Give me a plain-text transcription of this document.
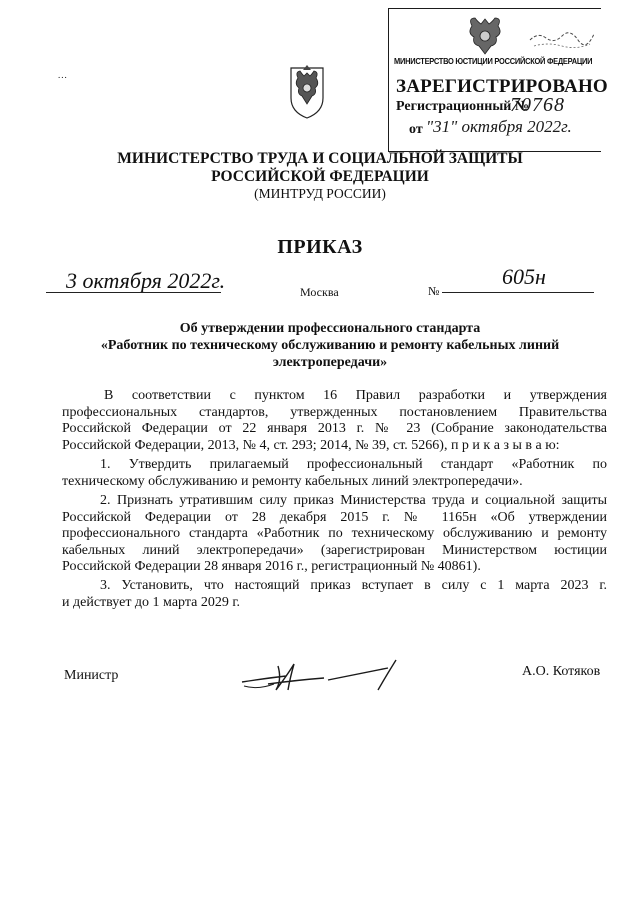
...
МИНИСТЕРСТВО ЮСТИЦИИ РОССИЙСКОЙ ФЕДЕРАЦИИ
ЗАРЕГИСТРИРОВАНО
Регистрационный №
70768
от "31" октября 2022г.
МИНИСТЕРСТВО ТРУДА И СОЦИАЛЬНОЙ ЗАЩИТЫ
РОССИЙСКОЙ ФЕДЕРАЦИИ
(МИНТРУД РОССИИ)
ПРИКАЗ
3 октября 2022г.	Москва	№
605н
Об утверждении профессионального стандарта
«Работник по техническому обслуживанию и ремонту кабельных линий
электропередачи»
В соответствии с пунктом 16 Правил разработки и утверждения
профессиональных стандартов, утвержденных постановлением Правительства
Российской Федерации от 22 января 2013 г. № 23 (Собрание законодательства
Российской Федерации, 2013, № 4, ст. 293; 2014, № 39, ст. 5266), п р и к а з ы в а ю:
1. Утвердить прилагаемый профессиональный стандарт «Работник по
техническому обслуживанию и ремонту кабельных линий электропередачи».
2. Признать утратившим силу приказ Министерства труда и социальной защиты
Российской Федерации от 28 декабря 2015 г. № 1165н «Об утверждении
профессионального стандарта «Работник по техническому обслуживанию и ремонту
кабельных линий электропередачи» (зарегистрирован Министерством юстиции
Российской Федерации 28 января 2016 г., регистрационный № 40861).
3. Установить, что настоящий приказ вступает в силу с 1 марта 2023 г.
и действует до 1 марта 2029 г.
Министр	А.О. Котяков
